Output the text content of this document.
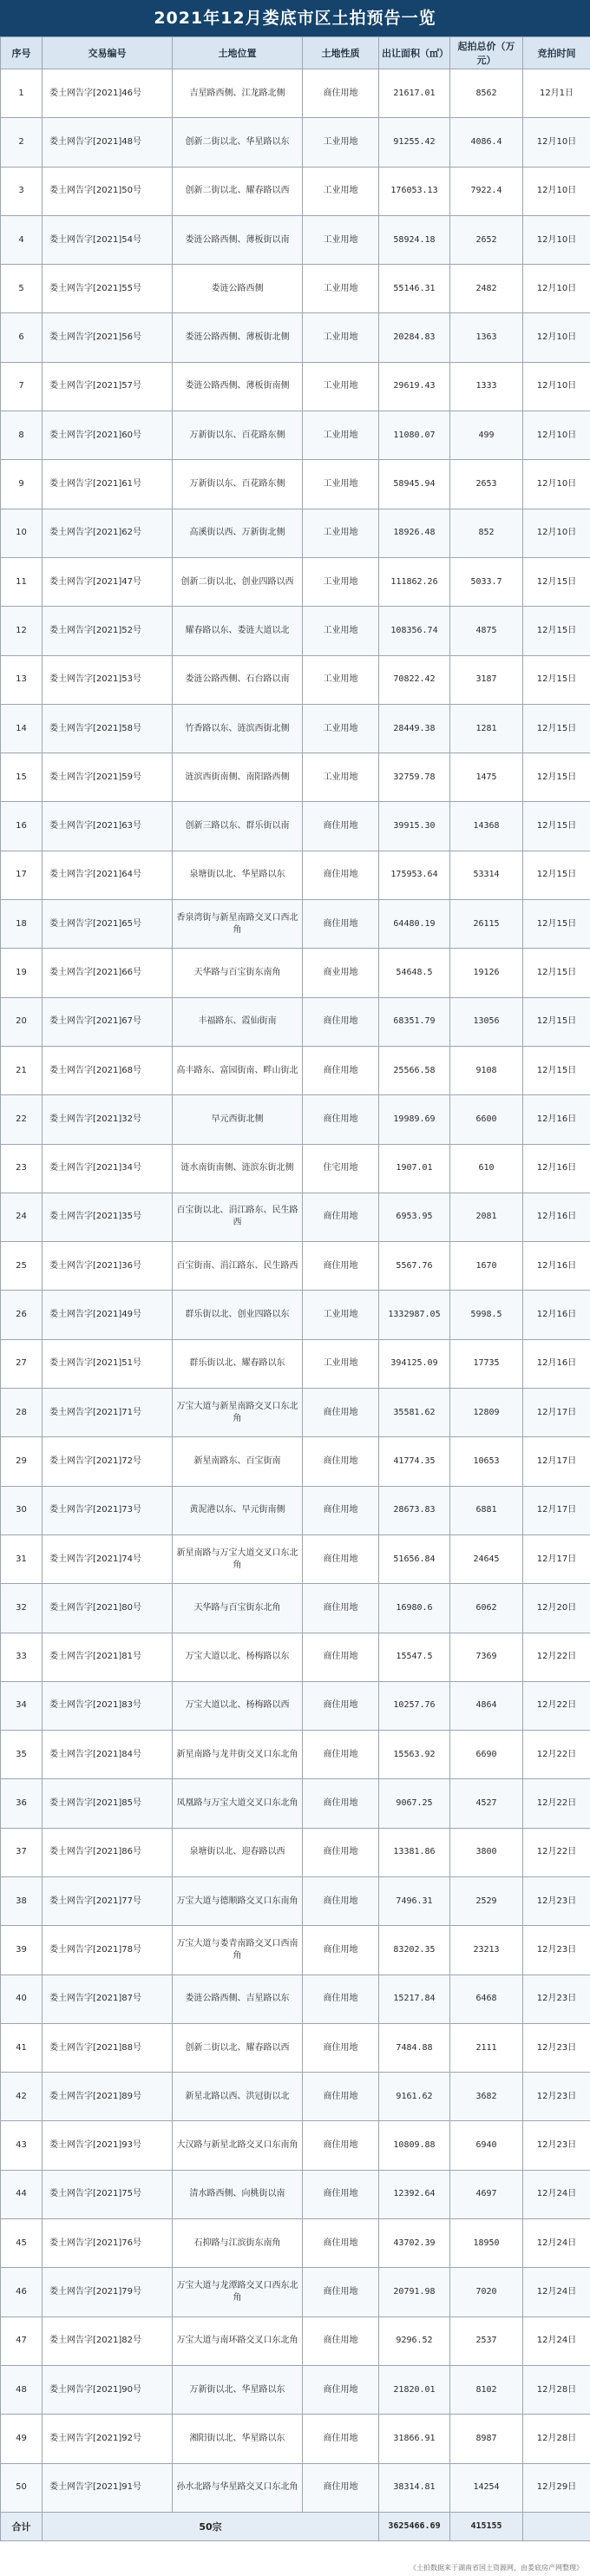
2021年12月娄底市区土拍预告一览
序号	交易编号	土地位置	土地性质	出让面积（㎡）	起拍总价（万元）	竞拍时间
1	娄土网告字[2021]46号	吉星路西侧、江龙路北侧	商住用地	21617.01	8562	12月1日
2	娄土网告字[2021]48号	创新二街以北、华星路以东	工业用地	91255.42	4086.4	12月10日
3	娄土网告字[2021]50号	创新二街以北、耀春路以西	工业用地	176053.13	7922.4	12月10日
4	娄土网告字[2021]54号	娄涟公路西侧、薄板街以南	工业用地	58924.18	2652	12月10日
5	娄土网告字[2021]55号	娄涟公路西侧	工业用地	55146.31	2482	12月10日
6	娄土网告字[2021]56号	娄涟公路西侧、薄板街北侧	工业用地	20284.83	1363	12月10日
7	娄土网告字[2021]57号	娄涟公路西侧、薄板街南侧	工业用地	29619.43	1333	12月10日
8	娄土网告字[2021]60号	万新街以东、百花路东侧	工业用地	11080.07	499	12月10日
9	娄土网告字[2021]61号	万新街以东、百花路东侧	工业用地	58945.94	2653	12月10日
10	娄土网告字[2021]62号	高溪街以西、万新街北侧	工业用地	18926.48	852	12月10日
11	娄土网告字[2021]47号	创新二街以北、创业四路以西	工业用地	111862.26	5033.7	12月15日
12	娄土网告字[2021]52号	耀春路以东、娄涟大道以北	工业用地	108356.74	4875	12月15日
13	娄土网告字[2021]53号	娄涟公路西侧、石台路以南	工业用地	70822.42	3187	12月15日
14	娄土网告字[2021]58号	竹香路以东、涟滨西街北侧	工业用地	28449.38	1281	12月15日
15	娄土网告字[2021]59号	涟滨西街南侧、南阳路西侧	工业用地	32759.78	1475	12月15日
16	娄土网告字[2021]63号	创新三路以东、群乐街以南	商住用地	39915.30	14368	12月15日
17	娄土网告字[2021]64号	泉塘街以北、华星路以东	商住用地	175953.64	53314	12月15日
18	娄土网告字[2021]65号	香泉湾街与新星南路交叉口西北角	商住用地	64480.19	26115	12月15日
19	娄土网告字[2021]66号	天华路与百宝街东南角	商业用地	54648.5	19126	12月15日
20	娄土网告字[2021]67号	丰福路东、霞仙街南	商住用地	68351.79	13056	12月15日
21	娄土网告字[2021]68号	高丰路东、富园街南、畔山街北	商住用地	25566.58	9108	12月15日
22	娄土网告字[2021]32号	早元西街北侧	商住用地	19989.69	6600	12月16日
23	娄土网告字[2021]34号	涟水南街南侧、涟滨东街北侧	住宅用地	1907.01	610	12月16日
24	娄土网告字[2021]35号	百宝街以北、涓江路东、民生路西	商住用地	6953.95	2081	12月16日
25	娄土网告字[2021]36号	百宝街南、涓江路东、民生路西	商住用地	5567.76	1670	12月16日
26	娄土网告字[2021]49号	群乐街以北、创业四路以东	工业用地	1332987.05	5998.5	12月16日
27	娄土网告字[2021]51号	群乐街以北、耀春路以东	工业用地	394125.09	17735	12月16日
28	娄土网告字[2021]71号	万宝大道与新星南路交叉口东北角	商住用地	35581.62	12809	12月17日
29	娄土网告字[2021]72号	新星南路东、百宝街南	商住用地	41774.35	10653	12月17日
30	娄土网告字[2021]73号	黄泥港以东、早元街南侧	商住用地	28673.83	6881	12月17日
31	娄土网告字[2021]74号	新星南路与万宝大道交叉口东北角	商住用地	51656.84	24645	12月17日
32	娄土网告字[2021]80号	天华路与百宝街东北角	商住用地	16980.6	6062	12月20日
33	娄土网告字[2021]81号	万宝大道以北、杨梅路以东	商住用地	15547.5	7369	12月22日
34	娄土网告字[2021]83号	万宝大道以北、杨梅路以西	商住用地	10257.76	4864	12月22日
35	娄土网告字[2021]84号	新星南路与龙井街交叉口东北角	商住用地	15563.92	6690	12月22日
36	娄土网告字[2021]85号	凤凰路与万宝大道交叉口东北角	商住用地	9067.25	4527	12月22日
37	娄土网告字[2021]86号	泉塘街以北、迎春路以西	商住用地	13381.86	3800	12月22日
38	娄土网告字[2021]77号	万宝大道与德顺路交叉口东南角	商住用地	7496.31	2529	12月23日
39	娄土网告字[2021]78号	万宝大道与娄青南路交叉口西南角	商住用地	83202.35	23213	12月23日
40	娄土网告字[2021]87号	娄涟公路西侧、吉星路以东	商住用地	15217.84	6468	12月23日
41	娄土网告字[2021]88号	创新二街以北、耀春路以西	商住用地	7484.88	2111	12月23日
42	娄土网告字[2021]89号	新星北路以西、洪冠街以北	商住用地	9161.62	3682	12月23日
43	娄土网告字[2021]93号	大汉路与新星北路交叉口东南角	商住用地	10809.88	6940	12月23日
44	娄土网告字[2021]75号	清水路西侧、向桃街以南	商住用地	12392.64	4697	12月24日
45	娄土网告字[2021]76号	石抑路与江滨街东南角	商住用地	43702.39	18950	12月24日
46	娄土网告字[2021]79号	万宝大道与龙潭路交叉口西东北角	商住用地	20791.98	7020	12月24日
47	娄土网告字[2021]82号	万宝大道与南环路交叉口东北角	商住用地	9296.52	2537	12月24日
48	娄土网告字[2021]90号	万新街以北、华星路以东	商住用地	21820.01	8102	12月28日
49	娄土网告字[2021]92号	湘阳街以北、华星路以东	商住用地	31866.91	8987	12月28日
50	娄土网告字[2021]91号	孙水北路与华星路交叉口东北角	商住用地	38314.81	14254	12月29日
合计	50宗			3625466.69	415155	
《土拍数据来于湖南省国土资源网，由娄底房产网整理》
